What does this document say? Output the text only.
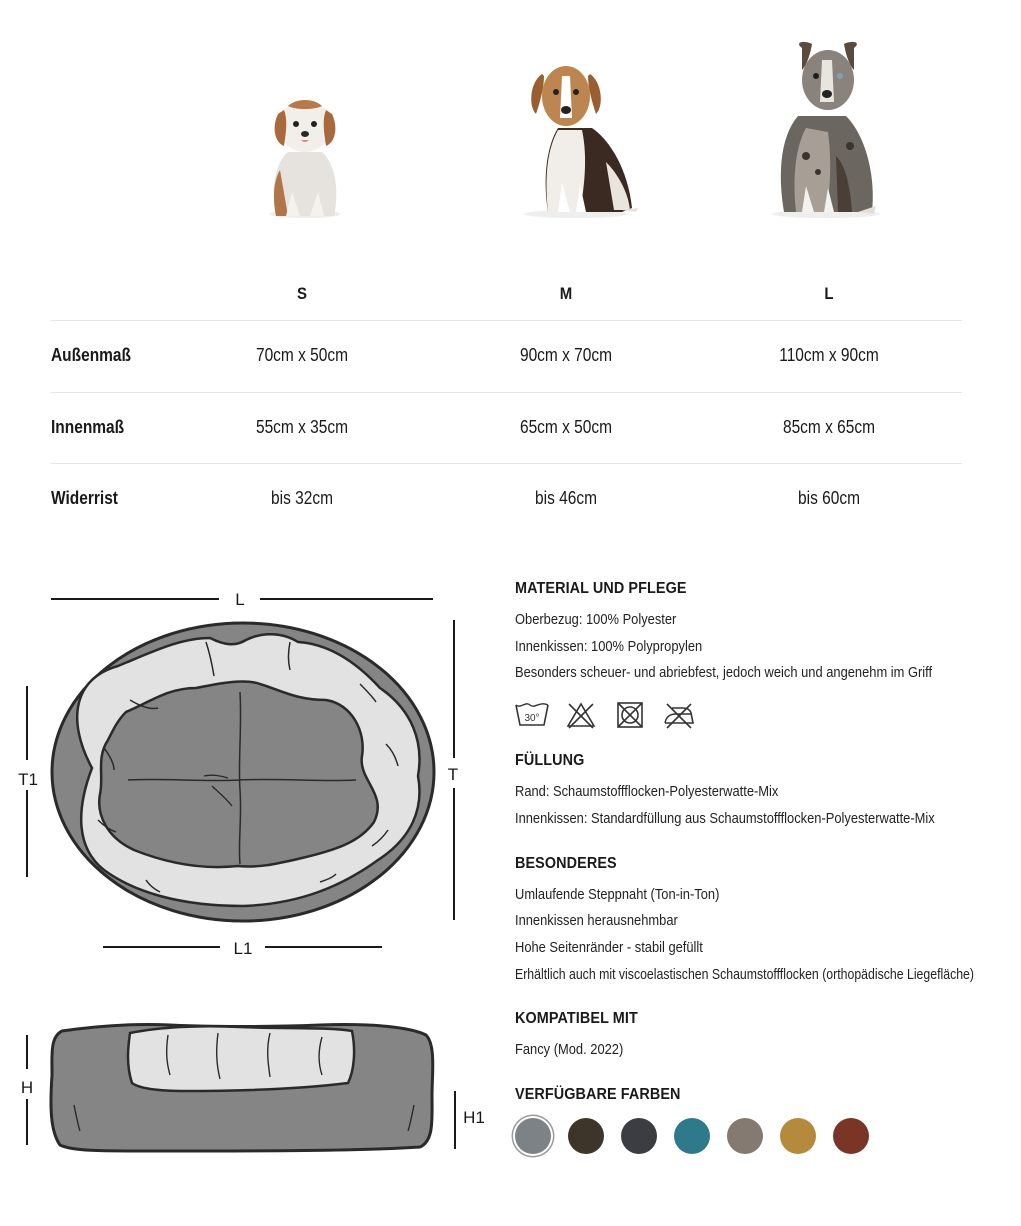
S	M	L
Außenmaß	70cm x 50cm	90cm x 70cm	110cm x 90cm
Innenmaß	55cm x 35cm	65cm x 50cm	85cm x 65cm
Widerrist	bis 32cm	bis 46cm	bis 60cm
L
T
T1
L1
H
H1
MATERIAL UND PFLEGE
Oberbezug: 100% Polyester
Innenkissen: 100% Polypropylen
Besonders scheuer- und abriebfest, jedoch weich und angenehm im Griff
30°
FÜLLUNG
Rand: Schaumstoffflocken-Polyesterwatte-Mix
Innenkissen: Standardfüllung aus Schaumstoffflocken-Polyesterwatte-Mix
BESONDERES
Umlaufende Steppnaht (Ton-in-Ton)
Innenkissen herausnehmbar
Hohe Seitenränder - stabil gefüllt
Erhältlich auch mit viscoelastischen Schaumstoffflocken (orthopädische Liegefläche)
KOMPATIBEL MIT
Fancy (Mod. 2022)
VERFÜGBARE FARBEN
